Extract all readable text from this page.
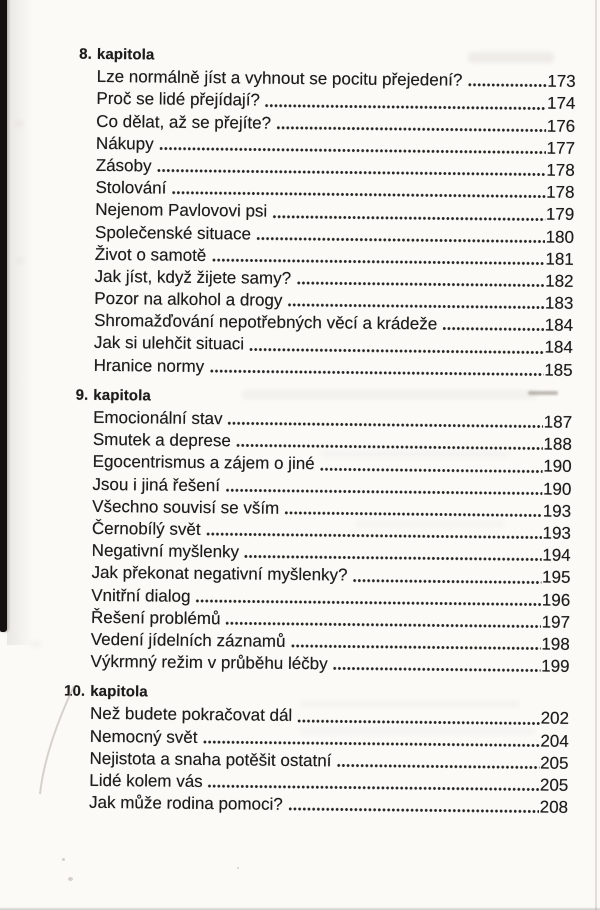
8. kapitola
Lze normálně jíst a vyhnout se pocitu přejedení?	173
Proč se lidé přejídají?	174
Co dělat, až se přejíte?	176
Nákupy	177
Zásoby	178
Stolování	178
Nejenom Pavlovovi psi	179
Společenské situace	180
Život o samotě	181
Jak jíst, když žijete samy?	182
Pozor na alkohol a drogy	183
Shromažďování nepotřebných věcí a krádeže	184
Jak si ulehčit situaci	184
Hranice normy	185
9. kapitola
Emocionální stav	187
Smutek a deprese	188
Egocentrismus a zájem o jiné	190
Jsou i jiná řešení	190
Všechno souvisí se vším	193
Černobílý svět	193
Negativní myšlenky	194
Jak překonat negativní myšlenky?	195
Vnitřní dialog	196
Řešení problémů	197
Vedení jídelních záznamů	198
Výkrmný režim v průběhu léčby	199
10. kapitola
Než budete pokračovat dál	202
Nemocný svět	204
Nejistota a snaha potěšit ostatní	205
Lidé kolem vás	205
Jak může rodina pomoci?	208
